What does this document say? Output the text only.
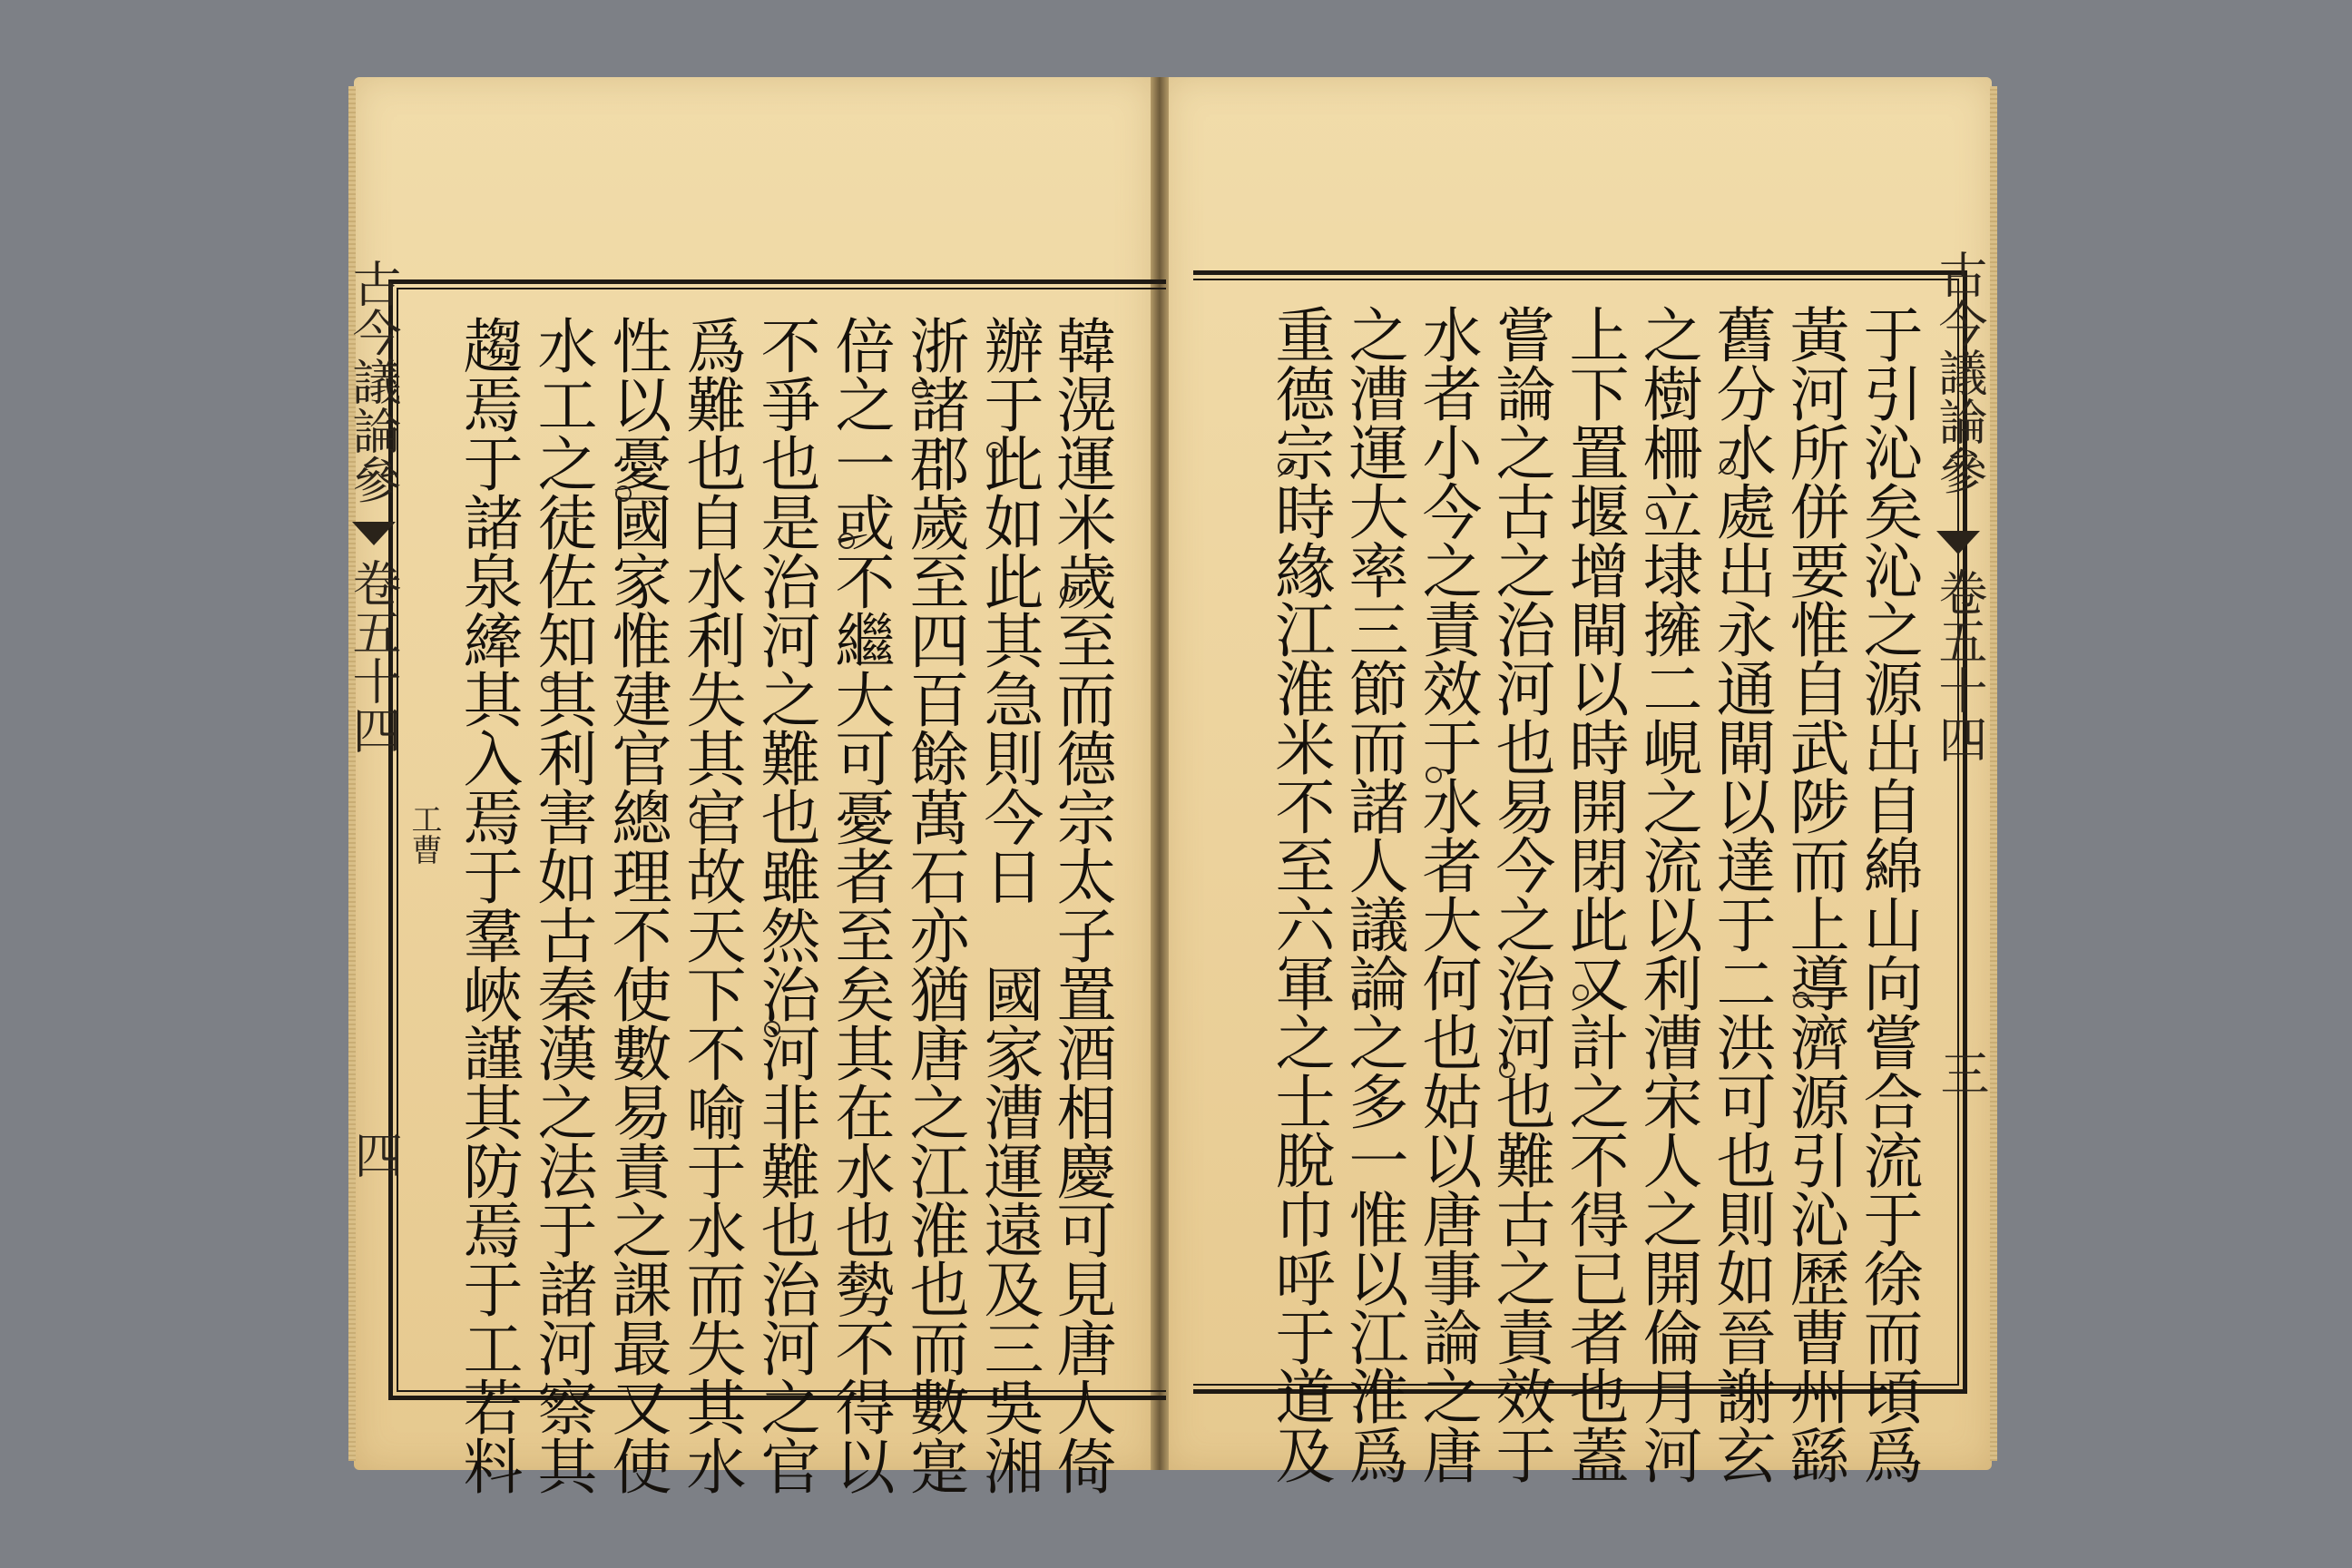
古今議論參
卷五十四
工曹
四	韓滉運米歲至而德宗太子置酒相慶可見唐人倚
辦于此如此其急則今日　國家漕運遠及三吳湘
浙諸郡歲至四百餘萬石亦猶唐之江淮也而數寔
倍之一或不繼大可憂者至矣其在水也勢不得以
不爭也是治河之難也雖然治河非難也治河之官
爲難也自水利失其官故天下不喻于水而失其水
性以憂國家惟建官總理不使數易責之課最又使
水工之徒佐知其利害如古秦漢之法于諸河察其
趨焉于諸泉縴其入焉于羣峽謹其防焉于工若料	古今議論參
卷五十四
三
于引沁矣沁之源出自綿山向嘗合流于徐而頃爲
黃河所併要惟自武陟而上導濟源引沁歷曹州繇
舊分水處出永通閘以達于二洪可也則如晉謝玄
之樹柵立埭擁二峴之流以利漕宋人之開倫月河
上下置堰增閘以時開閉此又計之不得已者也蓋
嘗論之古之治河也易今之治河也難古之責效于
水者小今之責效于水者大何也姑以唐事論之唐
之漕運大率三節而諸人議論之多一惟以江淮爲
重德宗時緣江淮米不至六軍之士脫巾呼于道及
